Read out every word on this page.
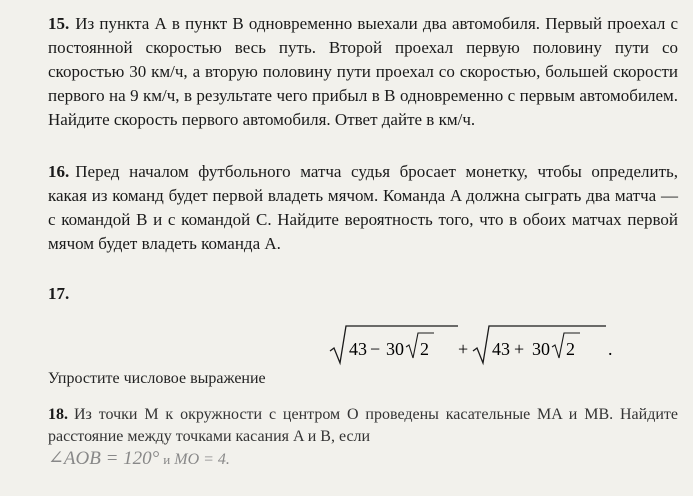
15. Из пункта А в пункт В одновременно выехали два автомобиля. Первый проехал с постоянной скоростью весь путь. Второй проехал первую половину пути со скоростью 30 км/ч, а вторую половину пути проехал со скоростью, большей скорости первого на 9 км/ч, в результате чего прибыл в В одновременно с первым автомобилем. Найдите скорость первого автомобиля. Ответ дайте в км/ч.
16. Перед началом футбольного матча судья бросает монетку, чтобы определить, какая из команд будет первой владеть мячом. Команда A должна сыграть два матча — с командой B и с командой C. Найдите вероятность того, что в обоих матчах первой мячом будет владеть команда A.
17.
43 − 30 2 + 43 + 30 2 .
Упростите числовое выражение
18. Из точки M к окружности с центром O проведены касательные MA и MB. Найдите расстояние между точками касания A и B, если
∠AOB = 120° и MO = 4.
